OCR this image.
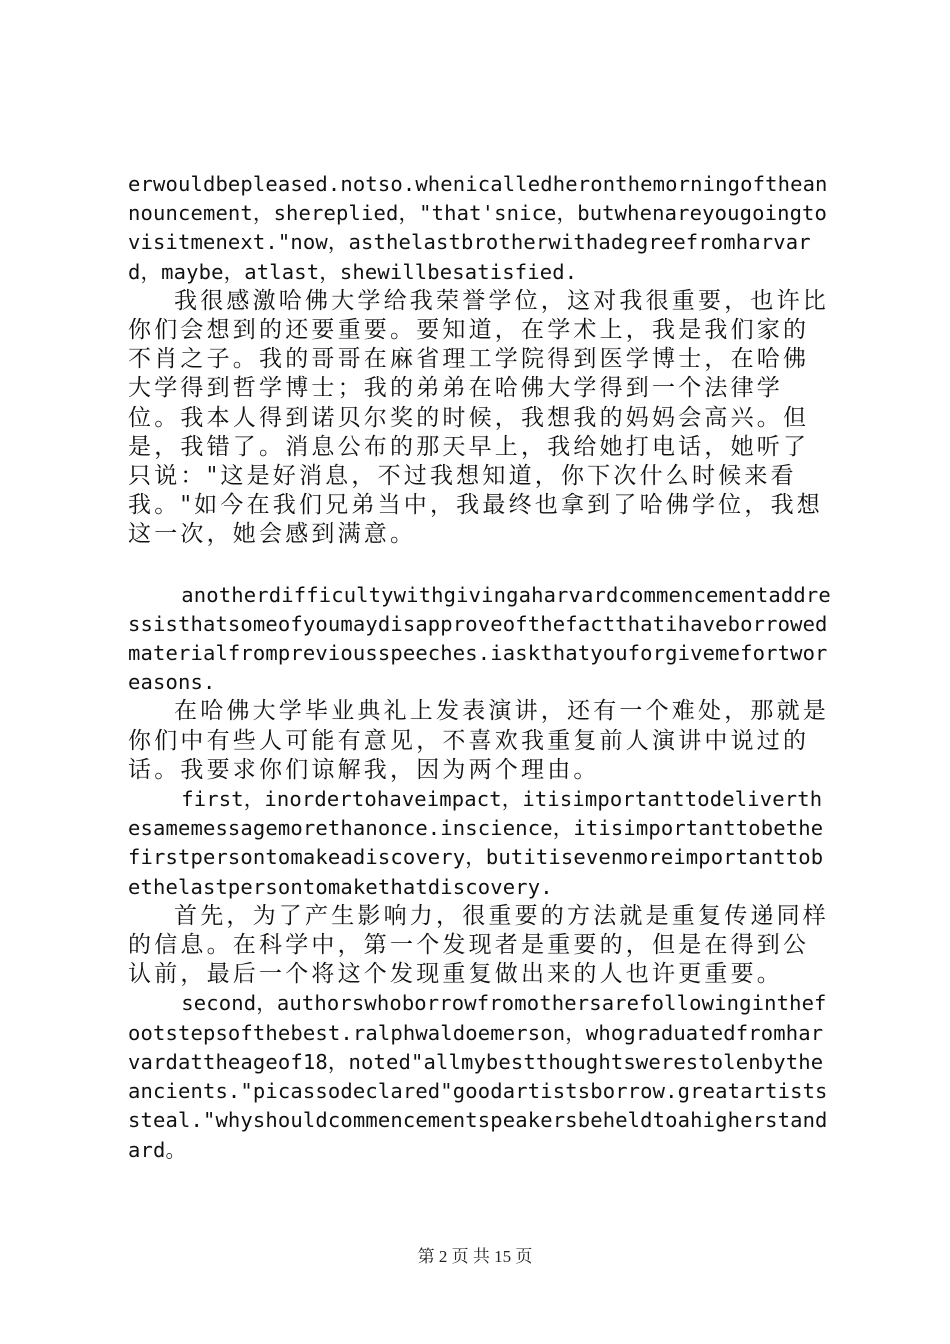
erwouldbepleased.notso.whenicalledheronthemorningoftheannouncement，shereplied，"that'snice，butwhenareyougoingtovisitmenext."now，asthelastbrotherwithadegreefromharvard，maybe，atlast，shewillbesatisfied.

我很感激哈佛大学给我荣誉学位，这对我很重要，也许比你们会想到的还要重要。要知道，在学术上，我是我们家的不肖之子。我的哥哥在麻省理工学院得到医学博士，在哈佛大学得到哲学博士；我的弟弟在哈佛大学得到一个法律学位。我本人得到诺贝尔奖的时候，我想我的妈妈会高兴。但是，我错了。消息公布的那天早上，我给她打电话，她听了只说："这是好消息，不过我想知道，你下次什么时候来看我。"如今在我们兄弟当中，我最终也拿到了哈佛学位，我想这一次，她会感到满意。

anotherdifficultywithgivingaharvardcommencementaddressisthatsomeofyoumaydisapproveofthefactthatihaveborrowedmaterialfrompreviousspeeches.iaskthatyouforgivemefortworeasons.

在哈佛大学毕业典礼上发表演讲，还有一个难处，那就是你们中有些人可能有意见，不喜欢我重复前人演讲中说过的话。我要求你们谅解我，因为两个理由。

first，inordertohaveimpact，itisimportanttodeliverthesamemessagemorethanonce.inscience，itisimportanttobethefirstpersontomakeadiscovery，butitisevenmoreimportanttobethelastpersontomakethatdiscovery.

首先，为了产生影响力，很重要的方法就是重复传递同样的信息。在科学中，第一个发现者是重要的，但是在得到公认前，最后一个将这个发现重复做出来的人也许更重要。

second，authorswhoborrowfromothersarefollowinginthefootstepsofthebest.ralphwaldoemerson，whograduatedfromharvardattheageof18，noted"allmybestthoughtswerestolenbytheancients."picassodeclared"goodartistsborrow.greatartistssteal."whyshouldcommencementspeakersbeheldtoahigherstandard。

第 2 页 共 15 页
